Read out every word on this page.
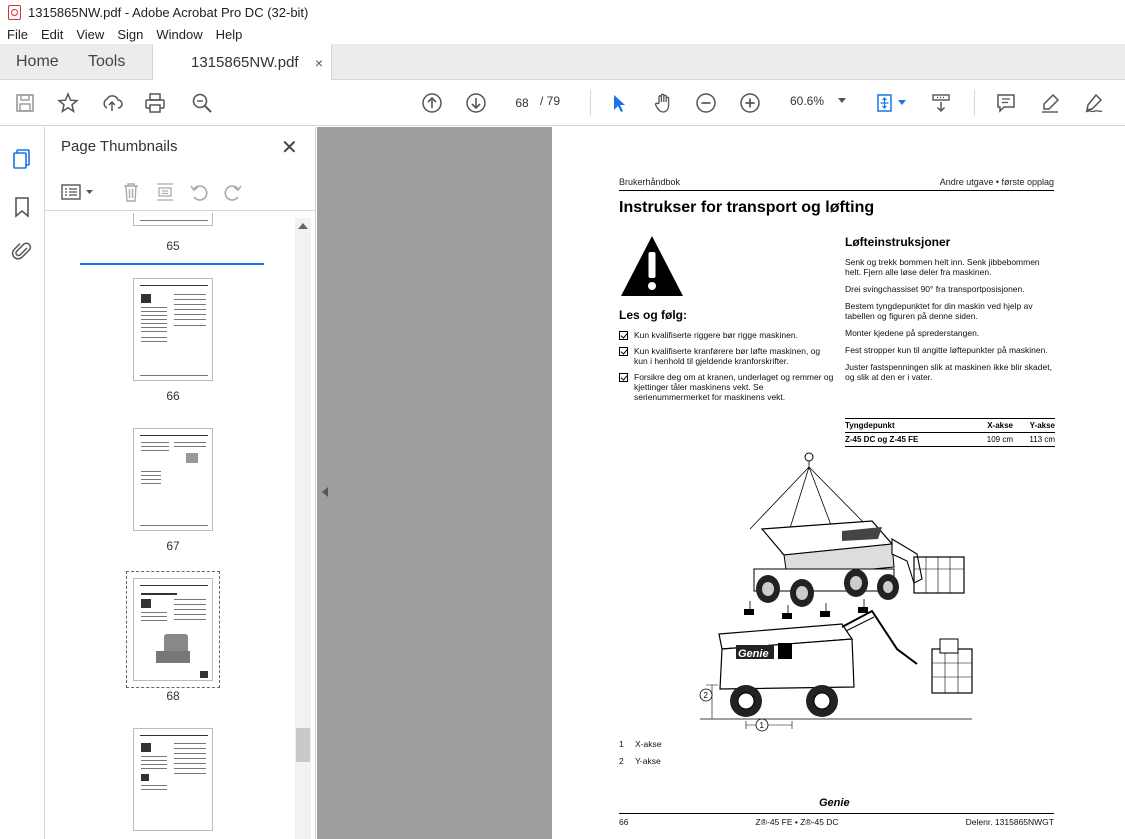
1315865NW.pdf - Adobe Acrobat Pro DC (32-bit)
File Edit View Sign Window Help
Home Tools	1315865NW.pdf ×
68 / 79	60.6%
Page Thumbnails	✕
65
66
67
68
Brukerhåndbok	Andre utgave • første opplag
Instrukser for transport og løfting
Les og følg:
Kun kvalifiserte riggere bør rigge maskinen.
Kun kvalifiserte kranførere bør løfte maskinen, og kun i henhold til gjeldende kranforskrifter.
Forsikre deg om at kranen, underlaget og remmer og kjettinger tåler maskinens vekt. Se serienummermerket for maskinens vekt.
Løfteinstruksjoner

Senk og trekk bommen helt inn. Senk jibbebommen helt. Fjern alle løse deler fra maskinen.

Drei svingchassiset 90° fra transportposisjonen.

Bestem tyngdepunktet for din maskin ved hjelp av tabellen og figuren på denne siden.

Monter kjedene på sprederstangen.

Fest stropper kun til angitte løftepunkter på maskinen.

Juster fastspenningen slik at maskinen ikke blir skadet, og slik at den er i vater.

Tyngdepunkt	X-akse	Y-akse
Z-45 DC og Z-45 FE	109 cm	113 cm
Genie
2
1
1 X-akse
2 Y-akse
Genie
66	Z®-45 FE • Z®-45 DC	Delenr. 1315865NWGT
